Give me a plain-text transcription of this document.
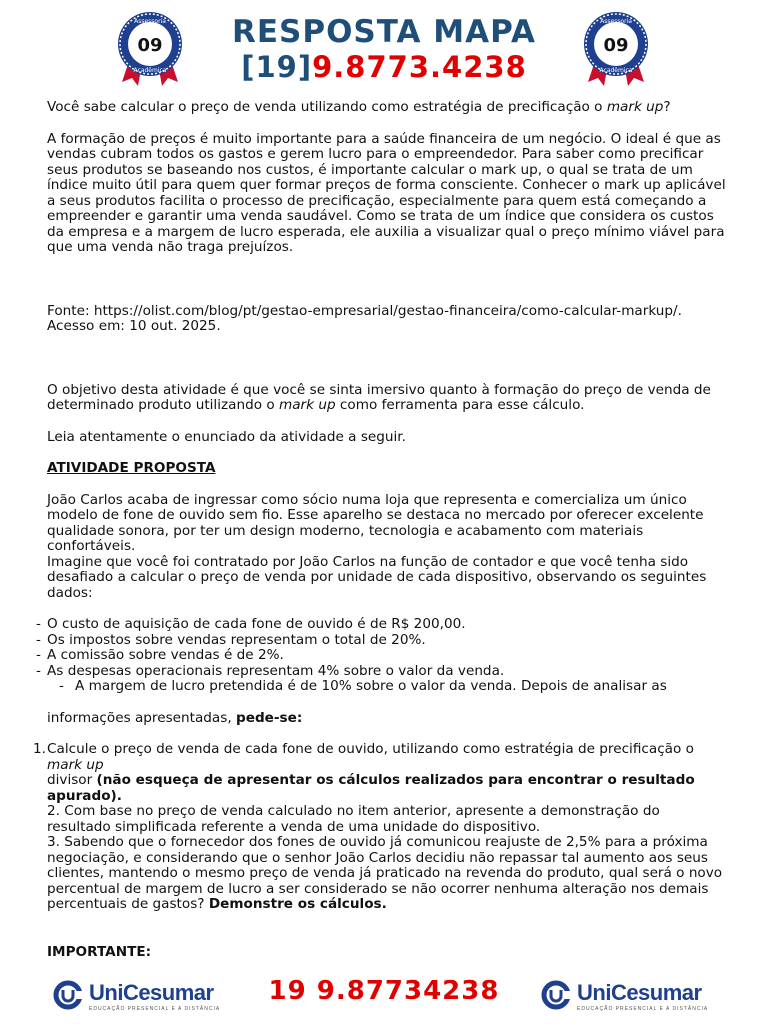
09
Assessoria
Acadêmica
RESPOSTA MAPA
[19]9.8773.4238
09
Assessoria
Acadêmica

Você sabe calcular o preço de venda utilizando como estratégia de precificação o mark up?

A formação de preços é muito importante para a saúde financeira de um negócio. O ideal é que as vendas cubram todos os gastos e gerem lucro para o empreendedor. Para saber como precificar seus produtos se baseando nos custos, é importante calcular o mark up, o qual se trata de um índice muito útil para quem quer formar preços de forma consciente. Conhecer o mark up aplicável a seus produtos facilita o processo de precificação, especialmente para quem está começando a empreender e garantir uma venda saudável. Como se trata de um índice que considera os custos da empresa e a margem de lucro esperada, ele auxilia a visualizar qual o preço mínimo viável para que uma venda não traga prejuízos.

Fonte: https://olist.com/blog/pt/gestao-empresarial/gestao-financeira/como-calcular-markup/. Acesso em: 10 out. 2025.

O objetivo desta atividade é que você se sinta imersivo quanto à formação do preço de venda de determinado produto utilizando o mark up como ferramenta para esse cálculo.

Leia atentamente o enunciado da atividade a seguir.

ATIVIDADE PROPOSTA

João Carlos acaba de ingressar como sócio numa loja que representa e comercializa um único modelo de fone de ouvido sem fio. Esse aparelho se destaca no mercado por oferecer excelente qualidade sonora, por ter um design moderno, tecnologia e acabamento com materiais confortáveis.

Imagine que você foi contratado por João Carlos na função de contador e que você tenha sido desafiado a calcular o preço de venda por unidade de cada dispositivo, observando os seguintes dados:

- O custo de aquisição de cada fone de ouvido é de R$ 200,00.
- Os impostos sobre vendas representam o total de 20%.
- A comissão sobre vendas é de 2%.
- As despesas operacionais representam 4% sobre o valor da venda.

- A margem de lucro pretendida é de 10% sobre o valor da venda. Depois de analisar as

informações apresentadas, pede-se:

1. Calcule o preço de venda de cada fone de ouvido, utilizando como estratégia de precificação o mark up

divisor (não esqueça de apresentar os cálculos realizados para encontrar o resultado apurado).

2. Com base no preço de venda calculado no item anterior, apresente a demonstração do resultado simplificada referente a venda de uma unidade do dispositivo.

3. Sabendo que o fornecedor dos fones de ouvido já comunicou reajuste de 2,5% para a próxima negociação, e considerando que o senhor João Carlos decidiu não repassar tal aumento aos seus clientes, mantendo o mesmo preço de venda já praticado na revenda do produto, qual será o novo percentual de margem de lucro a ser considerado se não ocorrer nenhuma alteração nos demais percentuais de gastos? Demonstre os cálculos.

IMPORTANTE:

UniCesumar
EDUCAÇÃO PRESENCIAL E A DISTÂNCIA
19 9.87734238	UniCesumar
EDUCAÇÃO PRESENCIAL E A DISTÂNCIA
